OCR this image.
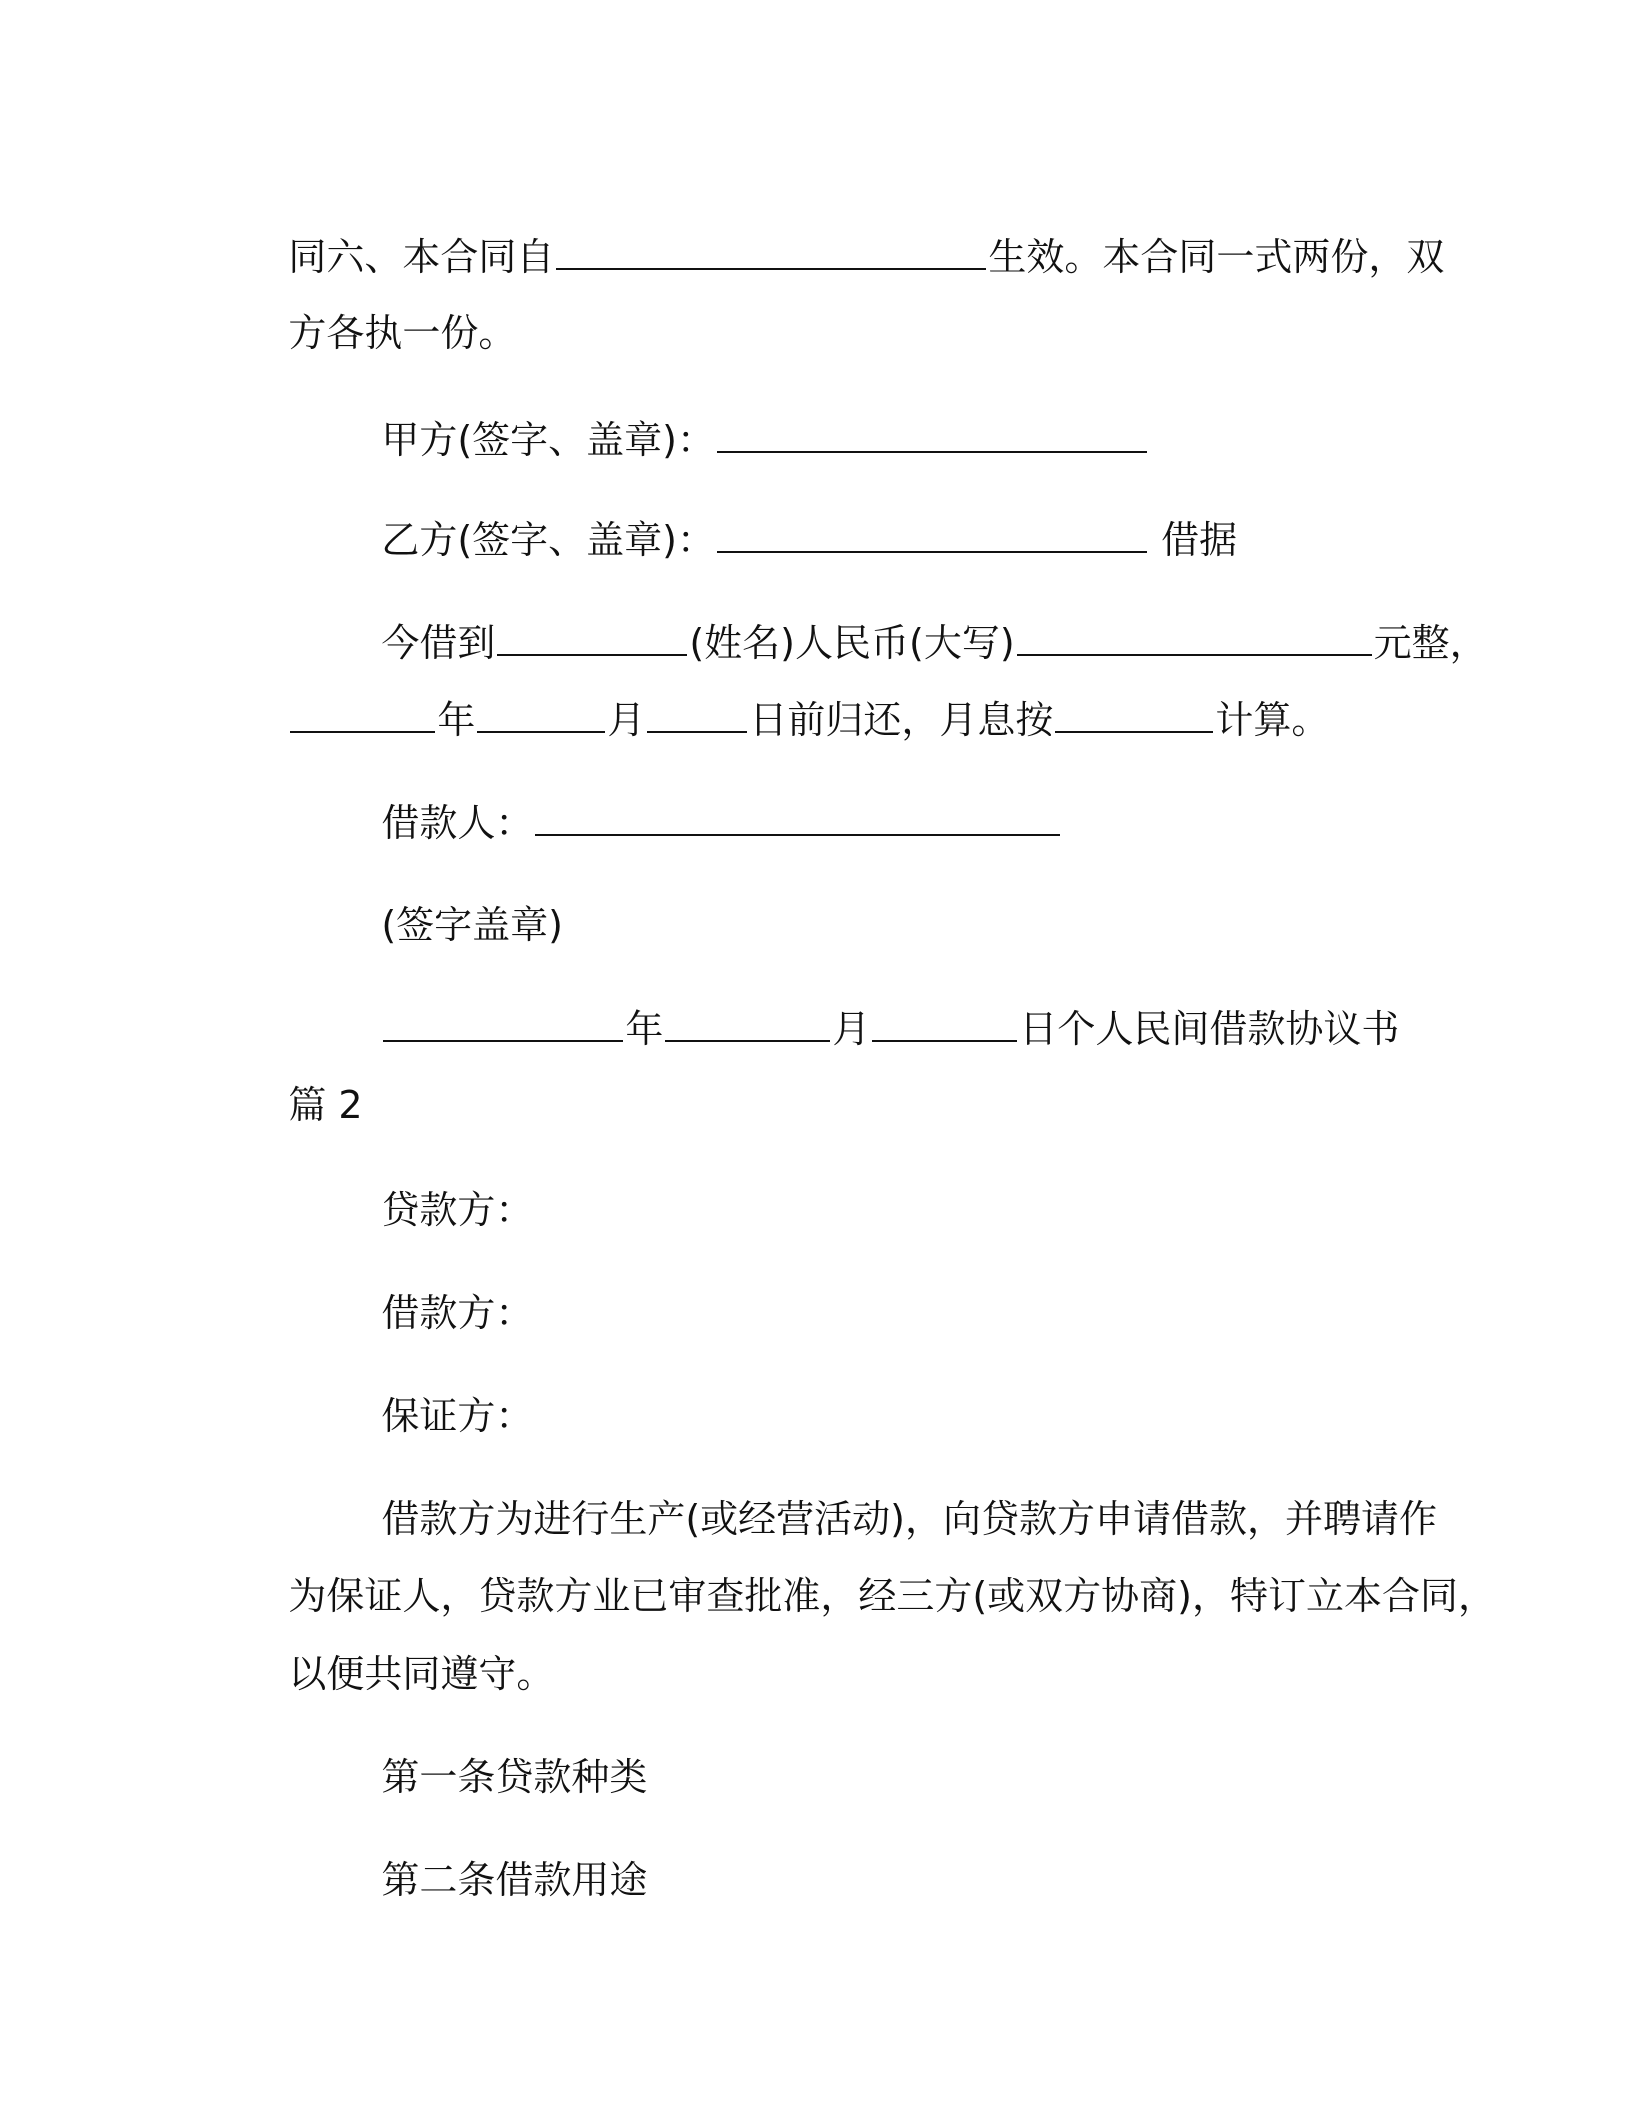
同六、本合同自	生效。本合同一式两份，双

方各执一份。

甲方(签字、盖章)：

乙方(签字、盖章)：	借据

今借到	(姓名)人民币(大写)	元整，

年	月	日前归还，月息按	计算。

借款人：

(签字盖章)

年	月	日个人民间借款协议书

篇 2

贷款方：

借款方：

保证方：

借款方为进行生产(或经营活动)，向贷款方申请借款，并聘请作

为保证人，贷款方业已审查批准，经三方(或双方协商)，特订立本合同，

以便共同遵守。

第一条贷款种类

第二条借款用途
